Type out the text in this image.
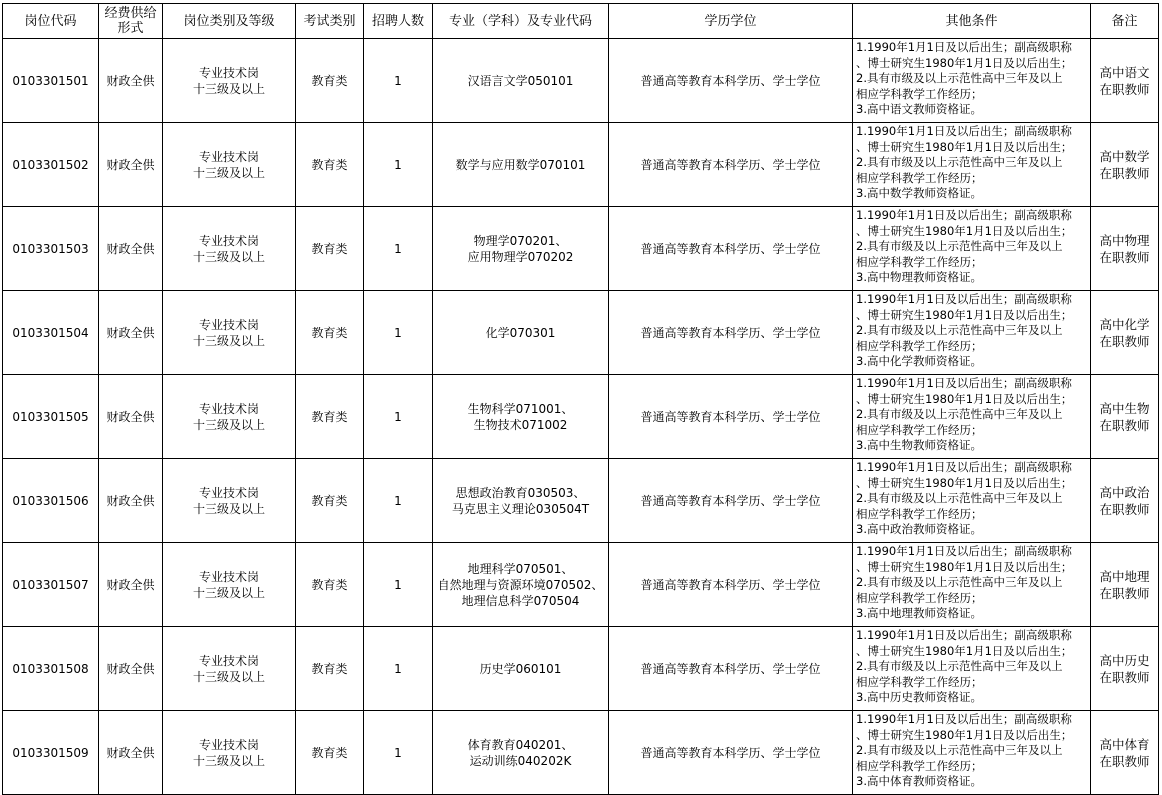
岗位代码	经费供给形式	岗位类别及等级	考试类别	招聘人数	专业（学科）及专业代码	学历学位	其他条件	备注
0103301501	财政全供	专业技术岗
十三级及以上	教育类	1	汉语言文学050101	普通高等教育本科学历、学士学位	1.1990年1月1日及以后出生；副高级职称
、博士研究生1980年1月1日及以后出生；
2.具有市级及以上示范性高中三年及以上
相应学科教学工作经历；
3.高中语文教师资格证。	高中语文
在职教师

0103301502	财政全供	专业技术岗
十三级及以上	教育类	1	数学与应用数学070101	普通高等教育本科学历、学士学位	1.1990年1月1日及以后出生；副高级职称
、博士研究生1980年1月1日及以后出生；
2.具有市级及以上示范性高中三年及以上
相应学科教学工作经历；
3.高中数学教师资格证。	高中数学
在职教师

0103301503	财政全供	专业技术岗
十三级及以上	教育类	1	物理学070201、
应用物理学070202	普通高等教育本科学历、学士学位	1.1990年1月1日及以后出生；副高级职称
、博士研究生1980年1月1日及以后出生；
2.具有市级及以上示范性高中三年及以上
相应学科教学工作经历；
3.高中物理教师资格证。	高中物理
在职教师

0103301504	财政全供	专业技术岗
十三级及以上	教育类	1	化学070301	普通高等教育本科学历、学士学位	1.1990年1月1日及以后出生；副高级职称
、博士研究生1980年1月1日及以后出生；
2.具有市级及以上示范性高中三年及以上
相应学科教学工作经历；
3.高中化学教师资格证。	高中化学
在职教师

0103301505	财政全供	专业技术岗
十三级及以上	教育类	1	生物科学071001、
生物技术071002	普通高等教育本科学历、学士学位	1.1990年1月1日及以后出生；副高级职称
、博士研究生1980年1月1日及以后出生；
2.具有市级及以上示范性高中三年及以上
相应学科教学工作经历；
3.高中生物教师资格证。	高中生物
在职教师

0103301506	财政全供	专业技术岗
十三级及以上	教育类	1	思想政治教育030503、
马克思主义理论030504T	普通高等教育本科学历、学士学位	1.1990年1月1日及以后出生；副高级职称
、博士研究生1980年1月1日及以后出生；
2.具有市级及以上示范性高中三年及以上
相应学科教学工作经历；
3.高中政治教师资格证。	高中政治
在职教师

0103301507	财政全供	专业技术岗
十三级及以上	教育类	1	地理科学070501、
自然地理与资源环境070502、
地理信息科学070504	普通高等教育本科学历、学士学位	1.1990年1月1日及以后出生；副高级职称
、博士研究生1980年1月1日及以后出生；
2.具有市级及以上示范性高中三年及以上
相应学科教学工作经历；
3.高中地理教师资格证。	高中地理
在职教师

0103301508	财政全供	专业技术岗
十三级及以上	教育类	1	历史学060101	普通高等教育本科学历、学士学位	1.1990年1月1日及以后出生；副高级职称
、博士研究生1980年1月1日及以后出生；
2.具有市级及以上示范性高中三年及以上
相应学科教学工作经历；
3.高中历史教师资格证。	高中历史
在职教师

0103301509	财政全供	专业技术岗
十三级及以上	教育类	1	体育教育040201、
运动训练040202K	普通高等教育本科学历、学士学位	1.1990年1月1日及以后出生；副高级职称
、博士研究生1980年1月1日及以后出生；
2.具有市级及以上示范性高中三年及以上
相应学科教学工作经历；
3.高中体育教师资格证。	高中体育
在职教师
